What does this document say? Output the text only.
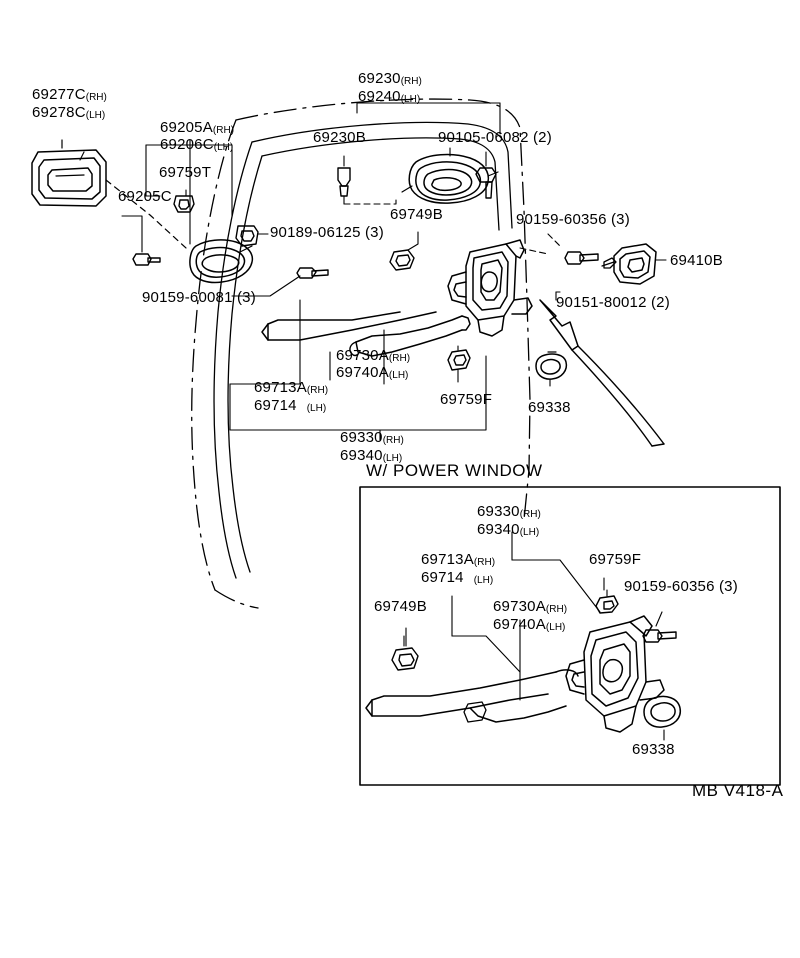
69277C(RH)
69278C(LH)
69205A(RH)
69206C(LH)
69759T
69205C
69230(RH)
69240(LH)
69230B	90105-06082 (2)
90189-06125 (3)
69749B	90159-60356 (3)
69410B
90159-60081 (3)	90151-80012 (2)
69730A(RH)
69740A(LH)
69713A(RH)
69714 (LH)
69759F 69338
69330(RH)
69340(LH)
W/ POWER WINDOW
69330(RH)
69340(LH)
69713A(RH)
69714 (LH)
69759F
90159-60356 (3)
69749B	69730A(RH)
69740A(LH)
69338
MB V418-A
